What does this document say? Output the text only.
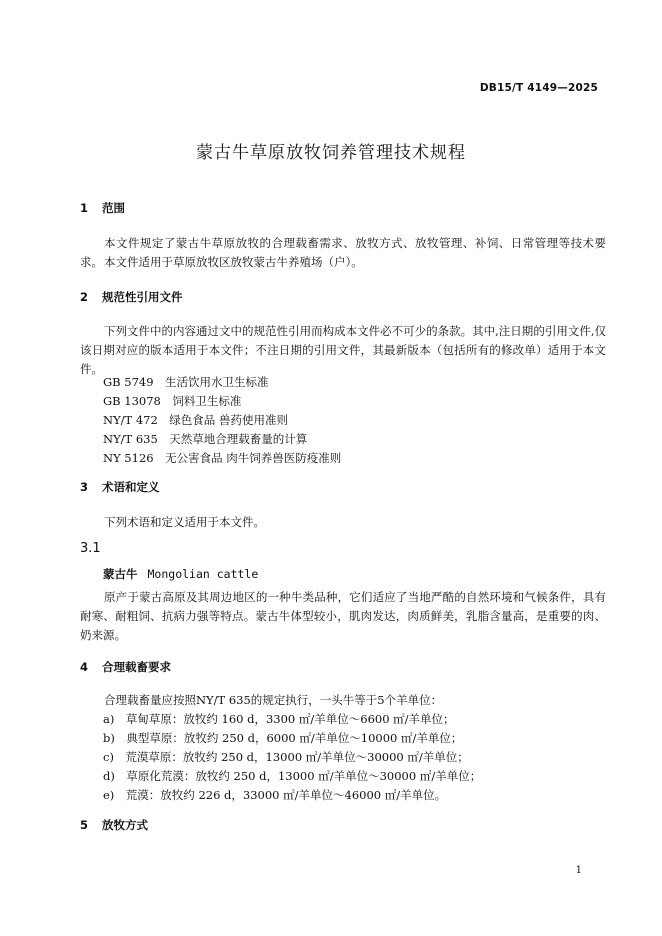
DB15/T 4149—2025
蒙古牛草原放牧饲养管理技术规程
1 范围
本文件规定了蒙古牛草原放牧的合理载畜需求、放牧方式、放牧管理、补饲、日常管理等技术要求。 本文件适用于草原放牧区放牧蒙古牛养殖场（户）。
2 规范性引用文件
下列文件中的内容通过文中的规范性引用而构成本文件必不可少的条款。其中,注日期的引用文件,仅该日期对应的版本适用于本文件；不注日期的引用文件，其最新版本（包括所有的修改单）适用于本文件。
GB 5749　生活饮用水卫生标准
GB 13078　饲料卫生标准
NY/T 472　绿色食品 兽药使用准则
NY/T 635　天然草地合理载畜量的计算
NY 5126　无公害食品 肉牛饲养兽医防疫准则
3 术语和定义
下列术语和定义适用于本文件。
3.1
蒙古牛 Mongolian cattle
原产于蒙古高原及其周边地区的一种牛类品种，它们适应了当地严酷的自然环境和气候条件，具有耐寒、耐粗饲、抗病力强等特点。蒙古牛体型较小，肌肉发达，肉质鲜美，乳脂含量高，是重要的肉、奶来源。
4 合理载畜要求
合理载畜量应按照NY/T 635的规定执行，一头牛等于5个羊单位：
a)　草甸草原：放牧约 160 d，3300 ㎡/羊单位～6600 ㎡/羊单位；
b)　典型草原：放牧约 250 d，6000 ㎡/羊单位～10000 ㎡/羊单位；
c)　荒漠草原：放牧约 250 d，13000 ㎡/羊单位～30000 ㎡/羊单位；
d)　草原化荒漠：放牧约 250 d，13000 ㎡/羊单位～30000 ㎡/羊单位；
e)　荒漠：放牧约 226 d，33000 ㎡/羊单位～46000 ㎡/羊单位。
5 放牧方式
1
